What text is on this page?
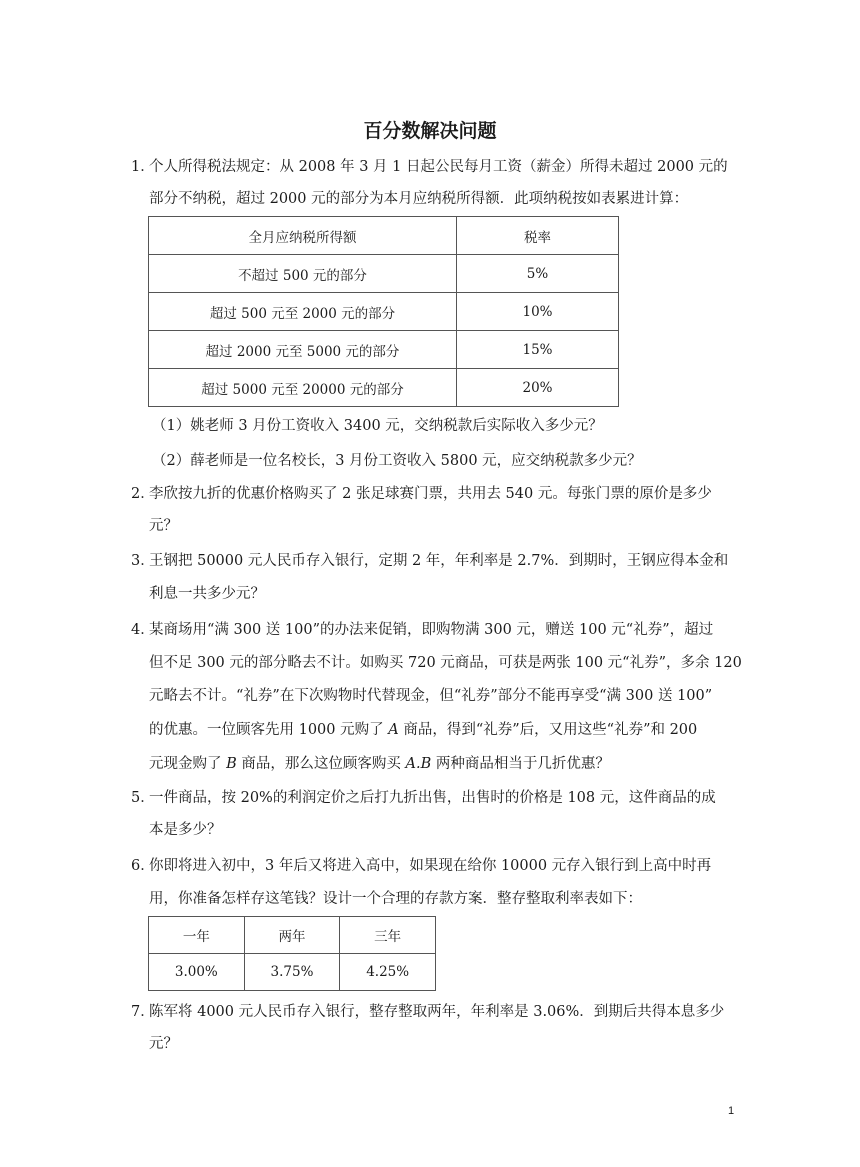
百分数解决问题
1．
个人所得税法规定：从 2008 年 3 月 1 日起公民每月工资（薪金）所得未超过 2000 元的
部分不纳税，超过 2000 元的部分为本月应纳税所得额．此项纳税按如表累进计算：
全月应纳税所得额	税率
不超过 500 元的部分	5%
超过 500 元至 2000 元的部分	10%
超过 2000 元至 5000 元的部分	15%
超过 5000 元至 20000 元的部分	20%
（1）姚老师 3 月份工资收入 3400 元，交纳税款后实际收入多少元？
（2）薛老师是一位名校长，3 月份工资收入 5800 元，应交纳税款多少元？
2．
李欣按九折的优惠价格购买了 2 张足球赛门票，共用去 540 元。每张门票的原价是多少
元？
3．
王钢把 50000 元人民币存入银行，定期 2 年，年利率是 2.7%．到期时，王钢应得本金和
利息一共多少元？
4．
某商场用“满 300 送 100”的办法来促销，即购物满 300 元，赠送 100 元“礼券”，超过
但不足 300 元的部分略去不计。如购买 720 元商品，可获是两张 100 元“礼券”，多余 120
元略去不计。“礼券”在下次购物时代替现金，但“礼券”部分不能再享受“满 300 送 100”
的优惠。一位顾客先用 1000 元购了 A 商品，得到“礼券”后，又用这些“礼券”和 200
元现金购了 B 商品，那么这位顾客购买 A.B 两种商品相当于几折优惠？
5．
一件商品，按 20%的利润定价之后打九折出售，出售时的价格是 108 元，这件商品的成
本是多少？
6．
你即将进入初中，3 年后又将进入高中，如果现在给你 10000 元存入银行到上高中时再
用，你准备怎样存这笔钱？设计一个合理的存款方案．整存整取利率表如下：
一年	两年	三年
3.00%	3.75%	4.25%
7．
陈军将 4000 元人民币存入银行，整存整取两年，年利率是 3.06%．到期后共得本息多少
元？
1
